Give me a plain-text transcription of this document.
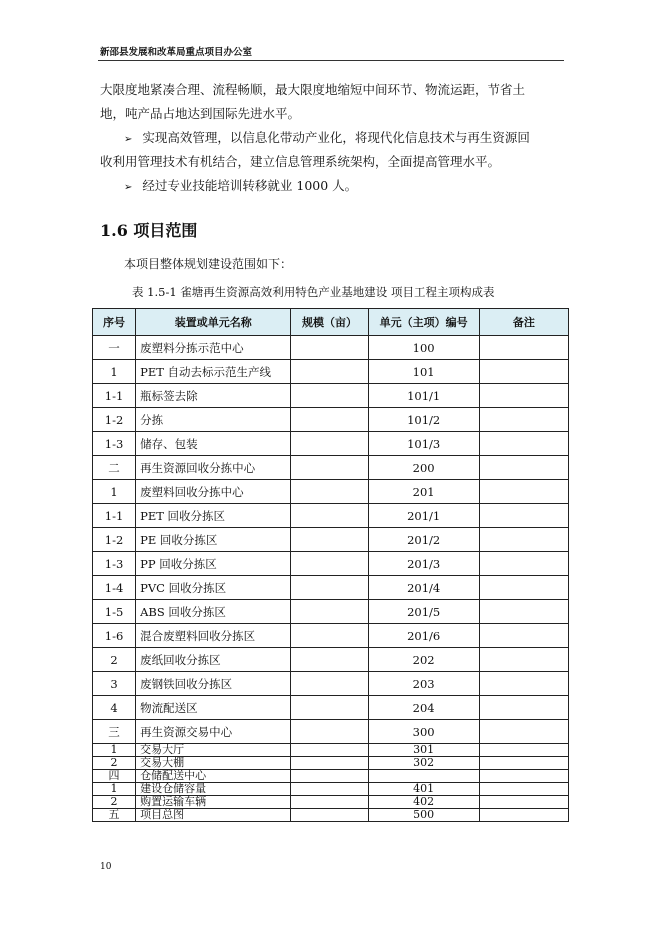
新邵县发展和改革局重点项目办公室
大限度地紧凑合理、流程畅顺，最大限度地缩短中间环节、物流运距，节省土
地，吨产品占地达到国际先进水平。
➢ 实现高效管理，以信息化带动产业化，将现代化信息技术与再生资源回
收利用管理技术有机结合，建立信息管理系统架构，全面提高管理水平。
➢ 经过专业技能培训转移就业 1000 人。
1.6 项目范围
本项目整体规划建设范围如下：
表 1.5-1 雀塘再生资源高效利用特色产业基地建设 项目工程主项构成表
序号	装置或单元名称	规模（亩）	单元（主项）编号	备注
一	废塑料分拣示范中心		100	
1	PET 自动去标示范生产线		101	
1-1	瓶标签去除		101/1	
1-2	分拣		101/2	
1-3	储存、包装		101/3	
二	再生资源回收分拣中心		200	
1	废塑料回收分拣中心		201	
1-1	PET 回收分拣区		201/1	
1-2	PE 回收分拣区		201/2	
1-3	PP 回收分拣区		201/3	
1-4	PVC 回收分拣区		201/4	
1-5	ABS 回收分拣区		201/5	
1-6	混合废塑料回收分拣区		201/6	
2	废纸回收分拣区		202	
3	废钢铁回收分拣区		203	
4	物流配送区		204	
三	再生资源交易中心		300	
1	交易大厅		301	
2	交易大棚		302	
四	仓储配送中心			
1	建设仓储容量		401	
2	购置运输车辆		402	
五	项目总图		500	
10
